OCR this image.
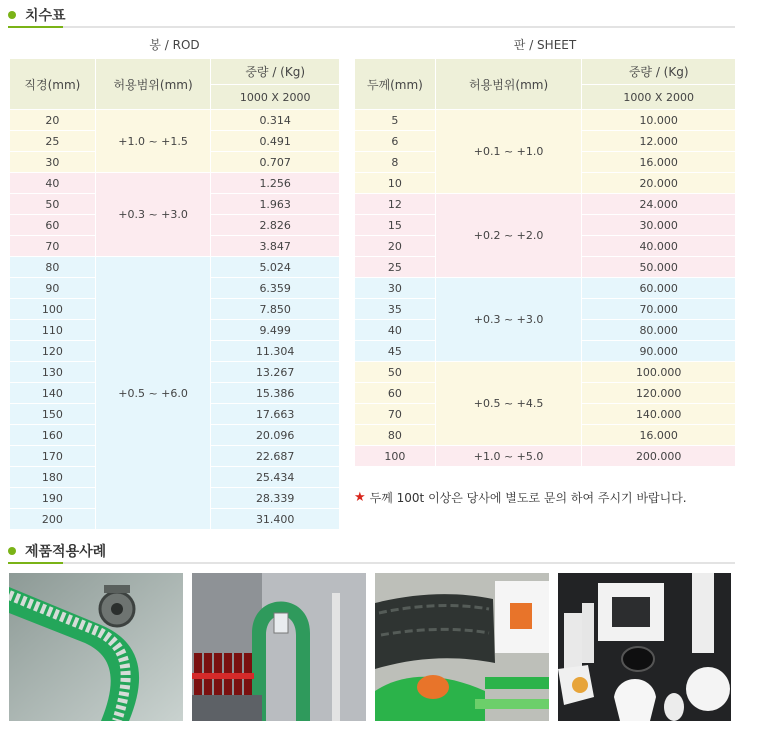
치수표
봉 / ROD	판 / SHEET
직경(mm)	허용범위(mm)	중량 / (Kg)
		1000 X 2000
20	+1.0 ~ +1.5	0.314
25		0.491
30		0.707
40	+0.3 ~ +3.0	1.256
50		1.963
60		2.826
70		3.847
80	+0.5 ~ +6.0	5.024
90		6.359
100		7.850
110		9.499
120		11.304
130		13.267
140		15.386
150		17.663
160		20.096
170		22.687
180		25.434
190		28.339
200		31.400
두께(mm)	허용범위(mm)	중량 / (Kg)
		1000 X 2000
5	+0.1 ~ +1.0	10.000
6		12.000
8		16.000
10		20.000
12	+0.2 ~ +2.0	24.000
15		30.000
20		40.000
25		50.000
30	+0.3 ~ +3.0	60.000
35		70.000
40		80.000
45		90.000
50	+0.5 ~ +4.5	100.000
60		120.000
70		140.000
80		16.000
100	+1.0 ~ +5.0	200.000
★ 두께 100t 이상은 당사에 별도로 문의 하여 주시기 바랍니다.
제품적용사례
